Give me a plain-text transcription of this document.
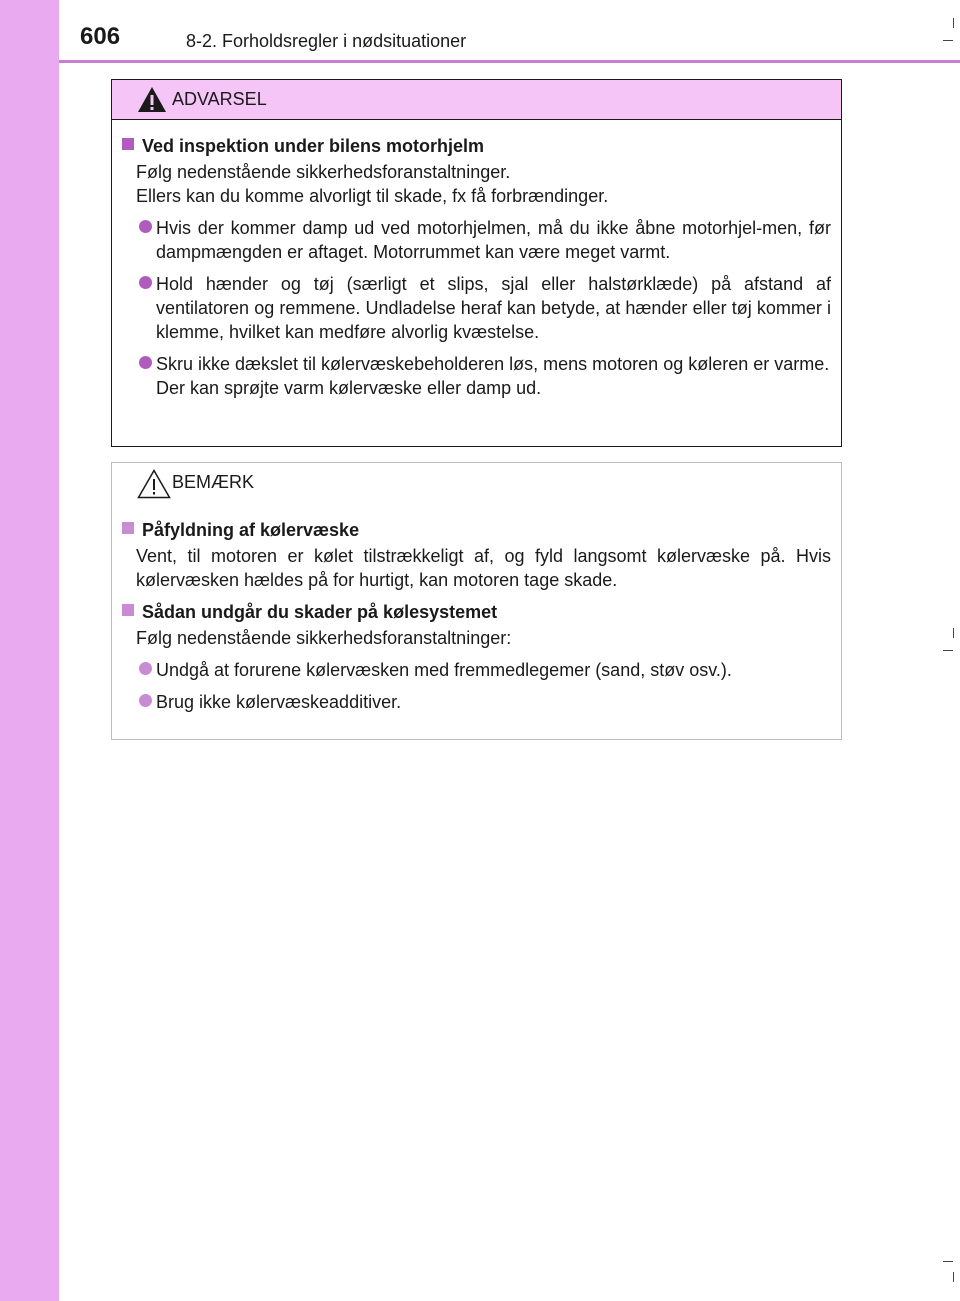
606	8-2. Forholdsregler i nødsituationer
ADVARSEL
Ved inspektion under bilens motorhjelm
Følg nedenstående sikkerhedsforanstaltninger.
Ellers kan du komme alvorligt til skade, fx få forbrændinger.
Hvis der kommer damp ud ved motorhjelmen, må du ikke åbne motorhjel-men, før dampmængden er aftaget. Motorrummet kan være meget varmt.
Hold hænder og tøj (særligt et slips, sjal eller halstørklæde) på afstand af ventilatoren og remmene. Undladelse heraf kan betyde, at hænder eller tøj kommer i klemme, hvilket kan medføre alvorlig kvæstelse.
Skru ikke dækslet til kølervæskebeholderen løs, mens motoren og køleren er varme.
Der kan sprøjte varm kølervæske eller damp ud.
BEMÆRK
Påfyldning af kølervæske
Vent, til motoren er kølet tilstrækkeligt af, og fyld langsomt kølervæske på. Hvis kølervæsken hældes på for hurtigt, kan motoren tage skade.
Sådan undgår du skader på kølesystemet
Følg nedenstående sikkerhedsforanstaltninger:
Undgå at forurene kølervæsken med fremmedlegemer (sand, støv osv.).
Brug ikke kølervæskeadditiver.
